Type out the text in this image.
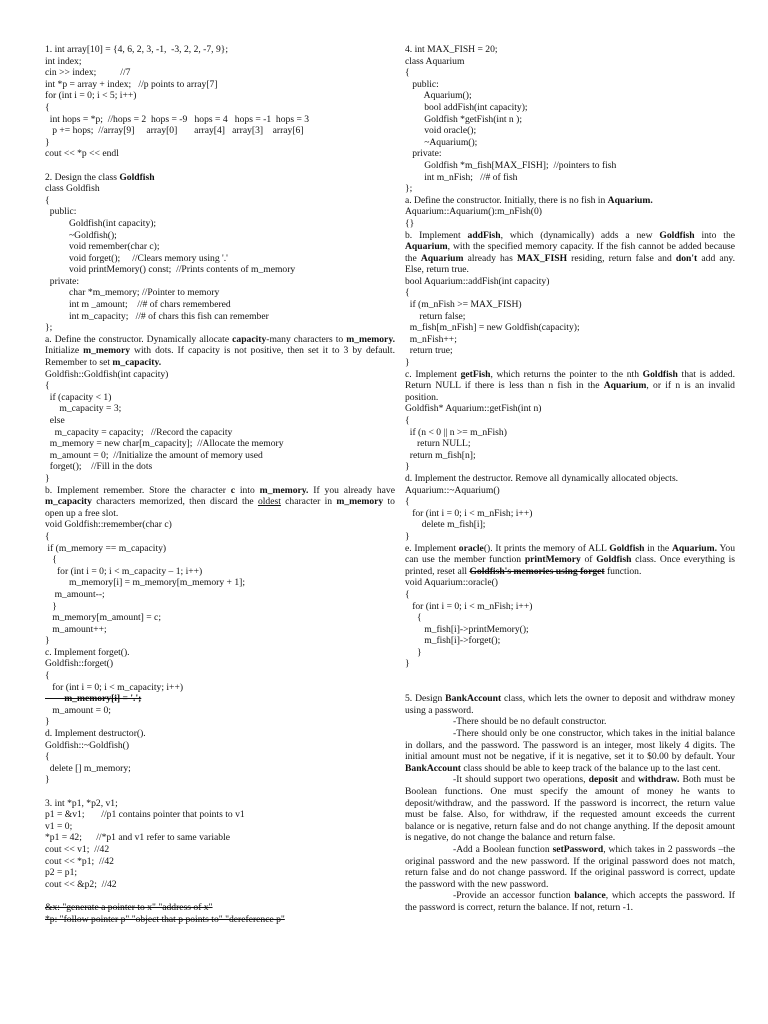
1. int array[10] = {4, 6, 2, 3, -1,  -3, 2, 2, -7, 9};
int index;
cin >> index;          //7
int *p = array + index;   //p points to array[7]
for (int i = 0; i < 5; i++)
{
int hops = *p;  //hops = 2  hops = -9   hops = 4   hops = -1  hops = 3
p += hops;  //array[9]     array[0]       array[4]   array[3]    array[6]
}
cout << *p << endl
2. Design the class Goldfish
class Goldfish
{
public:
Goldfish(int capacity);
~Goldfish();
void remember(char c);
void forget();     //Clears memory using '.'
void printMemory() const;  //Prints contents of m_memory
private:
char *m_memory; //Pointer to memory
int m _amount;    //# of chars remembered
int m_capacity;   //# of chars this fish can remember
};
a. Define the constructor. Dynamically allocate capacity-many characters to m_memory. Initialize m_memory with dots. If capacity is not positive, then set it to 3 by default. Remember to set m_capacity.
Goldfish::Goldfish(int capacity)
{
if (capacity < 1)
m_capacity = 3;
else
m_capacity = capacity;   //Record the capacity
m_memory = new char[m_capacity];  //Allocate the memory
m_amount = 0;  //Initialize the amount of memory used
forget();    //Fill in the dots
}
b. Implement remember. Store the character c into m_memory. If you already have m_capacity characters memorized, then discard the oldest character in m_memory to open up a free slot.
void Goldfish::remember(char c)
{
if (m_memory == m_capacity)
{
for (int i = 0; i < m_capacity – 1; i++)
m_memory[i] = m_memory[m_memory + 1];
m_amount--;
}
m_memory[m_amount] = c;
m_amount++;
}
c. Implement forget().
Goldfish::forget()
{
for (int i = 0; i < m_capacity; i++)
m_memory[i] = '.';
m_amount = 0;
}
d. Implement destructor().
Goldfish::~Goldfish()
{
delete [] m_memory;
}
3. int *p1, *p2, v1;
p1 = &v1;       //p1 contains pointer that points to v1
v1 = 0;
*p1 = 42;      //*p1 and v1 refer to same variable
cout << v1;  //42
cout << *p1;  //42
p2 = p1;
cout << &p2;  //42
&x: "generate a pointer to x" "address of x"
*p: "follow pointer p" "object that p points to" "dereference p"
4. int MAX_FISH = 20;
class Aquarium
{
public:
Aquarium();
bool addFish(int capacity);
Goldfish *getFish(int n );
void oracle();
~Aquarium();
private:
Goldfish *m_fish[MAX_FISH];  //pointers to fish
int m_nFish;   //# of fish
};
a. Define the constructor. Initially, there is no fish in Aquarium.
Aquarium::Aquarium():m_nFish(0)
{}
b. Implement addFish, which (dynamically) adds a new Goldfish into the Aquarium, with the specified memory capacity. If the fish cannot be added because the Aquarium already has MAX_FISH residing, return false and don't add any. Else, return true.
bool Aquarium::addFish(int capacity)
{
if (m_nFish >= MAX_FISH)
return false;
m_fish[m_nFish] = new Goldfish(capacity);
m_nFish++;
return true;
}
c. Implement getFish, which returns the pointer to the nth Goldfish that is added. Return NULL if there is less than n fish in the Aquarium, or if n is an invalid position.
Goldfish* Aquarium::getFish(int n)
{
if (n < 0 || n >= m_nFish)
return NULL;
return m_fish[n];
}
d. Implement the destructor. Remove all dynamically allocated objects.
Aquarium::~Aquarium()
{
for (int i = 0; i < m_nFish; i++)
delete m_fish[i];
}
e. Implement oracle(). It prints the memory of ALL Goldfish in the Aquarium. You can use the member function printMemory of Goldfish class. Once everything is printed, reset all Goldfish's memories using forget function.
void Aquarium::oracle()
{
for (int i = 0; i < m_nFish; i++)
{
m_fish[i]->printMemory();
m_fish[i]->forget();
}
}
5. Design BankAccount class, which lets the owner to deposit and withdraw money using a password.
-There should be no default constructor.
-There should only be one constructor, which takes in the initial balance in dollars, and the password. The password is an integer, most likely 4 digits. The initial amount must not be negative, if it is negative, set it to $0.00 by default. Your BankAccount class should be able to keep track of the balance up to the last cent.
-It should support two operations, deposit and withdraw. Both must be Boolean functions. One must specify the amount of money he wants to deposit/withdraw, and the password. If the password is incorrect, the return value must be false. Also, for withdraw, if the requested amount exceeds the current balance or is negative, return false and do not change anything. If the deposit amount is negative, do not change the balance and return false.
-Add a Boolean function setPassword, which takes in 2 passwords –the original password and the new password. If the original password does not match, return false and do not change password. If the original password is correct, update the password with the new password.
-Provide an accessor function balance, which accepts the password. If the password is correct, return the balance. If not, return -1.
